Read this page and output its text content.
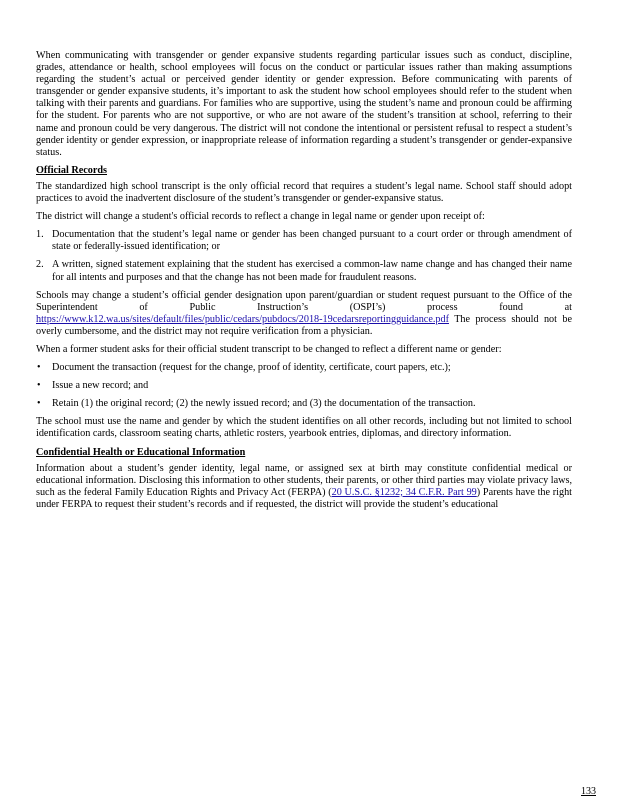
When communicating with transgender or gender expansive students regarding particular issues such as conduct, discipline, grades, attendance or health, school employees will focus on the conduct or particular issues rather than making assumptions regarding the student’s actual or perceived gender identity or gender expression. Before communicating with parents of transgender or gender expansive students, it’s important to ask the student how school employees should refer to the student when talking with their parents and guardians. For families who are supportive, using the student’s name and pronoun could be affirming for the student. For parents who are not supportive, or who are not aware of the student’s transition at school, referring to their name and pronoun could be very dangerous. The district will not condone the intentional or persistent refusal to respect a student’s gender identity or gender expression, or inappropriate release of information regarding a student’s transgender or gender-expansive status.

Official Records

The standardized high school transcript is the only official record that requires a student’s legal name. School staff should adopt practices to avoid the inadvertent disclosure of the student’s transgender or gender-expansive status.

The district will change a student's official records to reflect a change in legal name or gender upon receipt of:

1. Documentation that the student’s legal name or gender has been changed pursuant to a court order or through amendment of state or federally-issued identification; or
2. A written, signed statement explaining that the student has exercised a common-law name change and has changed their name for all intents and purposes and that the change has not been made for fraudulent reasons.

Schools may change a student’s official gender designation upon parent/guardian or student request pursuant to the Office of the Superintendent of Public Instruction’s (OSPI’s) process found at https://www.k12.wa.us/sites/default/files/public/cedars/pubdocs/2018-19cedarsreportingguidance.pdf The process should not be overly cumbersome, and the district may not require verification from a physician.

When a former student asks for their official student transcript to be changed to reflect a different name or gender:

• Document the transaction (request for the change, proof of identity, certificate, court papers, etc.);
• Issue a new record; and
• Retain (1) the original record; (2) the newly issued record; and (3) the documentation of the transaction.

The school must use the name and gender by which the student identifies on all other records, including but not limited to school identification cards, classroom seating charts, athletic rosters, yearbook entries, diplomas, and directory information.

Confidential Health or Educational Information

Information about a student’s gender identity, legal name, or assigned sex at birth may constitute confidential medical or educational information. Disclosing this information to other students, their parents, or other third parties may violate privacy laws, such as the federal Family Education Rights and Privacy Act (FERPA) (20 U.S.C. §1232; 34 C.F.R. Part 99) Parents have the right under FERPA to request their student’s records and if requested, the district will provide the student’s educational

133
